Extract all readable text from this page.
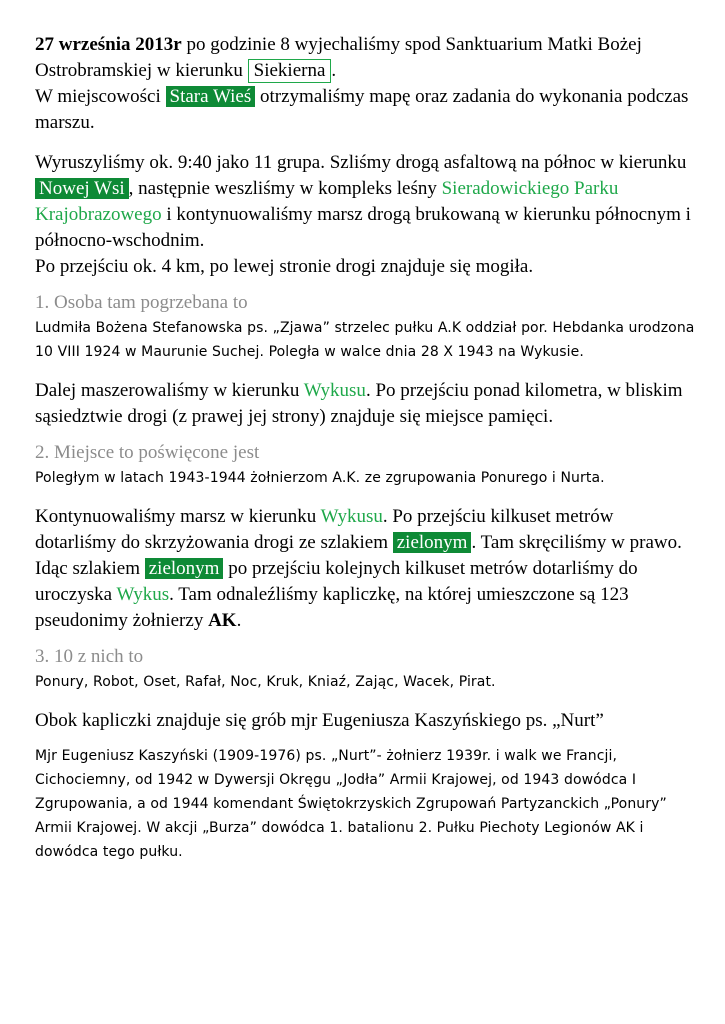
27 września 2013r po godzinie 8 wyjechaliśmy spod Sanktuarium Matki Bożej Ostrobramskiej w kierunku Siekierna .
W miejscowości Stara Wieś otrzymaliśmy mapę oraz zadania do wykonania podczas marszu.

Wyruszyliśmy ok. 9:40 jako 11 grupa. Szliśmy drogą asfaltową na północ w kierunku Nowej Wsi , następnie weszliśmy w kompleks leśny Sieradowickiego Parku Krajobrazowego i kontynuowaliśmy marsz drogą brukowaną w kierunku północnym i północno-wschodnim.
Po przejściu ok. 4 km, po lewej stronie drogi znajduje się mogiła.

1. Osoba tam pogrzebana to

Ludmiła Bożena Stefanowska ps. „Zjawa” strzelec pułku A.K oddział por. Hebdanka urodzona 10 VIII 1924 w Maurunie Suchej. Poległa w walce dnia 28 X 1943 na Wykusie.

Dalej maszerowaliśmy w kierunku Wykusu. Po przejściu ponad kilometra, w bliskim sąsiedztwie drogi (z prawej jej strony) znajduje się miejsce pamięci.

2. Miejsce to poświęcone jest

Poległym w latach 1943-1944 żołnierzom A.K. ze zgrupowania Ponurego i Nurta.

Kontynuowaliśmy marsz w kierunku Wykusu. Po przejściu kilkuset metrów dotarliśmy do skrzyżowania drogi ze szlakiem zielonym . Tam skręciliśmy w prawo. Idąc szlakiem zielonym po przejściu kolejnych kilkuset metrów dotarliśmy do uroczyska Wykus. Tam odnaleźliśmy kapliczkę, na której umieszczone są 123 pseudonimy żołnierzy AK.

3. 10 z nich to

Ponury, Robot, Oset, Rafał, Noc, Kruk, Kniaź, Zając, Wacek, Pirat.

Obok kapliczki znajduje się grób mjr Eugeniusza Kaszyńskiego ps. „Nurt”

Mjr Eugeniusz Kaszyński (1909-1976) ps. „Nurt”- żołnierz 1939r. i walk we Francji, Cichociemny, od 1942 w Dywersji Okręgu „Jodła” Armii Krajowej, od 1943 dowódca I Zgrupowania, a od 1944 komendant Świętokrzyskich Zgrupowań Partyzanckich „Ponury” Armii Krajowej. W akcji „Burza” dowódca 1. batalionu 2. Pułku Piechoty Legionów AK i dowódca tego pułku.
